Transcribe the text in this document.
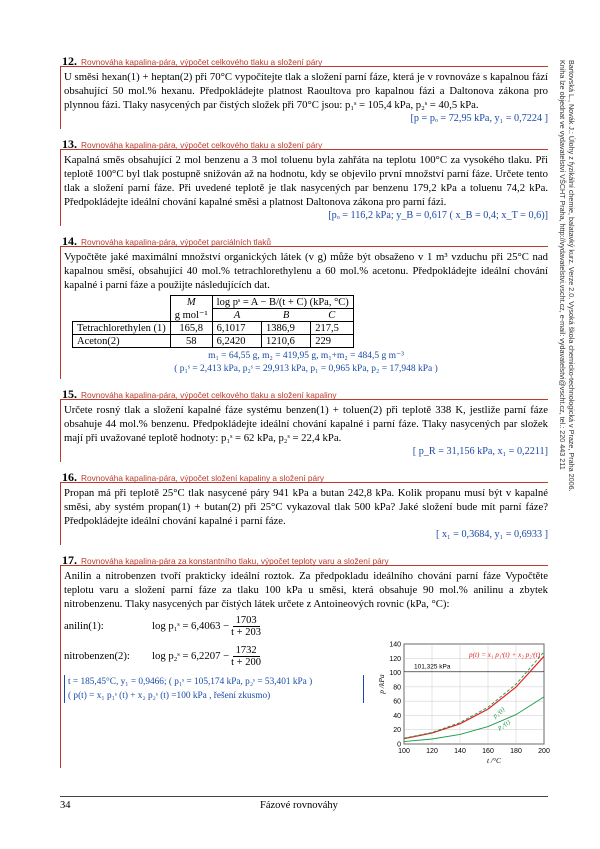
Bartovská L., Novák J.: Úlohy z fyzikální chemie, balatavký kurz. Verze 2.0. Vysoká škola chemicko-technologická v Praze, Praha 2006.
Kniha lze objednat ve vydavatelství VŠCHT Praha, http://vydavatelstvi.vscht.cz, e-mail: vydavatelstvi@vscht.cz, tel.: 220 443 211
12. Rovnováha kapalina-pára, výpočet celkového tlaku a složení páry

U směsi hexan(1) + heptan(2) při 70°C vypočítejte tlak a složení parní fáze, která je v rovnováze s kapalnou fází obsahující 50 mol.% hexanu. Předpokládejte platnost Raoultova pro kapalnou fázi a Daltonova zákona pro plynnou fázi. Tlaky nasycených par čistých složek při 70°C jsou: p₁ˢ = 105,4 kPa, p₂ˢ = 40,5 kPa.

[p = pₒ = 72,95 kPa, y₁ = 0,7224 ]
13. Rovnováha kapalina-pára, výpočet celkového tlaku a složení páry

Kapalná směs obsahující 2 mol benzenu a 3 mol toluenu byla zahřáta na teplotu 100°C za vysokého tlaku. Při teplotě 100°C byl tlak postupně snižován až na hodnotu, kdy se objevilo první množství parní fáze. Určete tento tlak a složení parní fáze. Při uvedené teplotě je tlak nasycených par benzenu 179,2 kPa a toluenu 74,2 kPa. Předpokládejte ideální chování kapalné směsi a platnost Daltonova zákona pro parní fázi.

[pₒ = 116,2 kPa; y_B = 0,617 ( x_B = 0,4; x_T = 0,6)]
14. Rovnováha kapalina-pára, výpočet parciálních tlaků

Vypočtěte jaké maximální množství organických látek (v g) může být obsaženo v 1 m³ vzduchu při 25°C nad kapalnou směsí, obsahující 40 mol.% tetrachlorethylenu a 60 mol.% acetonu. Předpokládejte ideální chování kapalné i parní fáze a použijte následujících dat.

	M	log pˢ = A − B/(t + C) (kPa, °C)		
	g mol⁻¹	A	B	C
Tetrachlorethylen (1)	165,8	6,1017	1386,9	217,5
Aceton(2)	58	6,2420	1210,6	229
m₁ = 64,55 g, m₂ = 419,95 g, m₁+m₂ = 484,5 g m⁻³
( p₁ˢ = 2,413 kPa, p₂ˢ = 29,913 kPa, p₁ = 0,965 kPa, p₂ = 17,948 kPa )
15. Rovnováha kapalina-pára, výpočet celkového tlaku a složení kapaliny

Určete rosný tlak a složení kapalné fáze systému benzen(1) + toluen(2) při teplotě 338 K, jestliže parní fáze obsahuje 44 mol.% benzenu. Předpokládejte ideální chování kapalné i parní fáze. Tlaky nasycených par složek mají při uvažované teplotě hodnoty: p₁ˢ = 62 kPa, p₂ˢ = 22,4 kPa.

[ p_R = 31,156 kPa, x₁ = 0,2211]
16. Rovnováha kapalina-pára, výpočet složení kapaliny a složení páry

Propan má při teplotě 25°C tlak nasycené páry 941 kPa a butan 242,8 kPa. Kolik propanu musí být v kapalné směsi, aby systém propan(1) + butan(2) při 25°C vykazoval tlak 500 kPa? Jaké složení bude mít parní fáze? Předpokládejte ideální chování kapalné i parní fáze.

[ x₁ = 0,3684, y₁ = 0,6933 ]
17. Rovnováha kapalina-pára za konstantního tlaku, výpočet teploty varu a složení páry

Anilin a nitrobenzen tvoří prakticky ideální roztok. Za předpokladu ideálního chování parní fáze Vypočtěte teplotu varu a složení parní fáze za tlaku 100 kPa u směsi, která obsahuje 90 mol.% anilinu a zbytek nitrobenzenu. Tlaky nasycených par čistých látek určete z Antoineových rovnic (kPa, °C):

anilin(1):	log p₁ˢ = $6,4063 - \frac{1703}{t + 203}$
nitrobenzen(2):	log p₂ˢ = $6,2207 - \frac{1732}{t + 200}$
t = 185,45°C, y₁ = 0,9466; ( p₁ˢ = 105,174 kPa, p₂ˢ = 53,401 kPa )
( p(t) = x₁ p₁ˢ (t) + x₂ p₂ˢ (t) =100 kPa , řešení zkusmo)
0
20
40
60
80
100
120
140
100 120 140 160 180 200
101,325 kPa
p(t) = x₁ p₁ˢ(t) + x₂ p₂ˢ(t)
p₁ˢ(t)
p₂ˢ(t)
p /kPa
t /°C
34	Fázové rovnováhy
